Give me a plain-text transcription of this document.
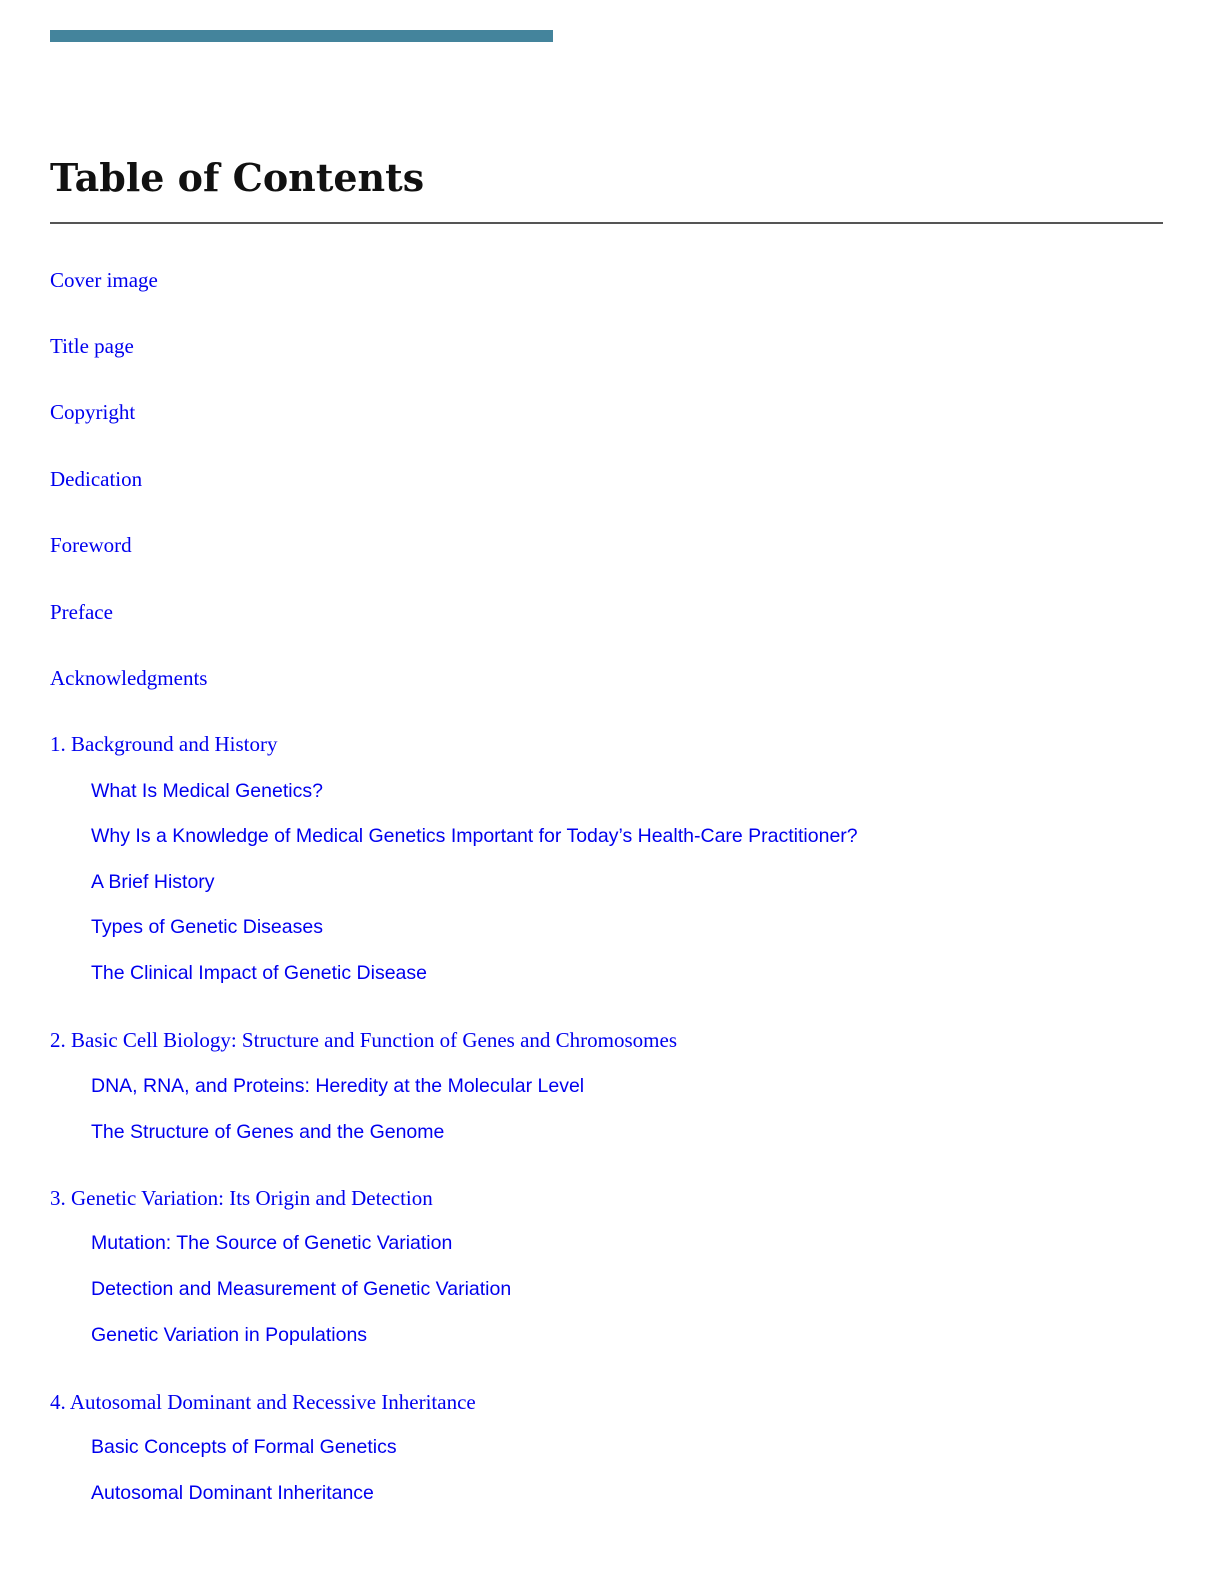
Table of Contents
Cover image
Title page
Copyright
Dedication
Foreword
Preface
Acknowledgments
1. Background and History
What Is Medical Genetics?
Why Is a Knowledge of Medical Genetics Important for Today’s Health-Care Practitioner?
A Brief History
Types of Genetic Diseases
The Clinical Impact of Genetic Disease
2. Basic Cell Biology: Structure and Function of Genes and Chromosomes
DNA, RNA, and Proteins: Heredity at the Molecular Level
The Structure of Genes and the Genome
3. Genetic Variation: Its Origin and Detection
Mutation: The Source of Genetic Variation
Detection and Measurement of Genetic Variation
Genetic Variation in Populations
4. Autosomal Dominant and Recessive Inheritance
Basic Concepts of Formal Genetics
Autosomal Dominant Inheritance
